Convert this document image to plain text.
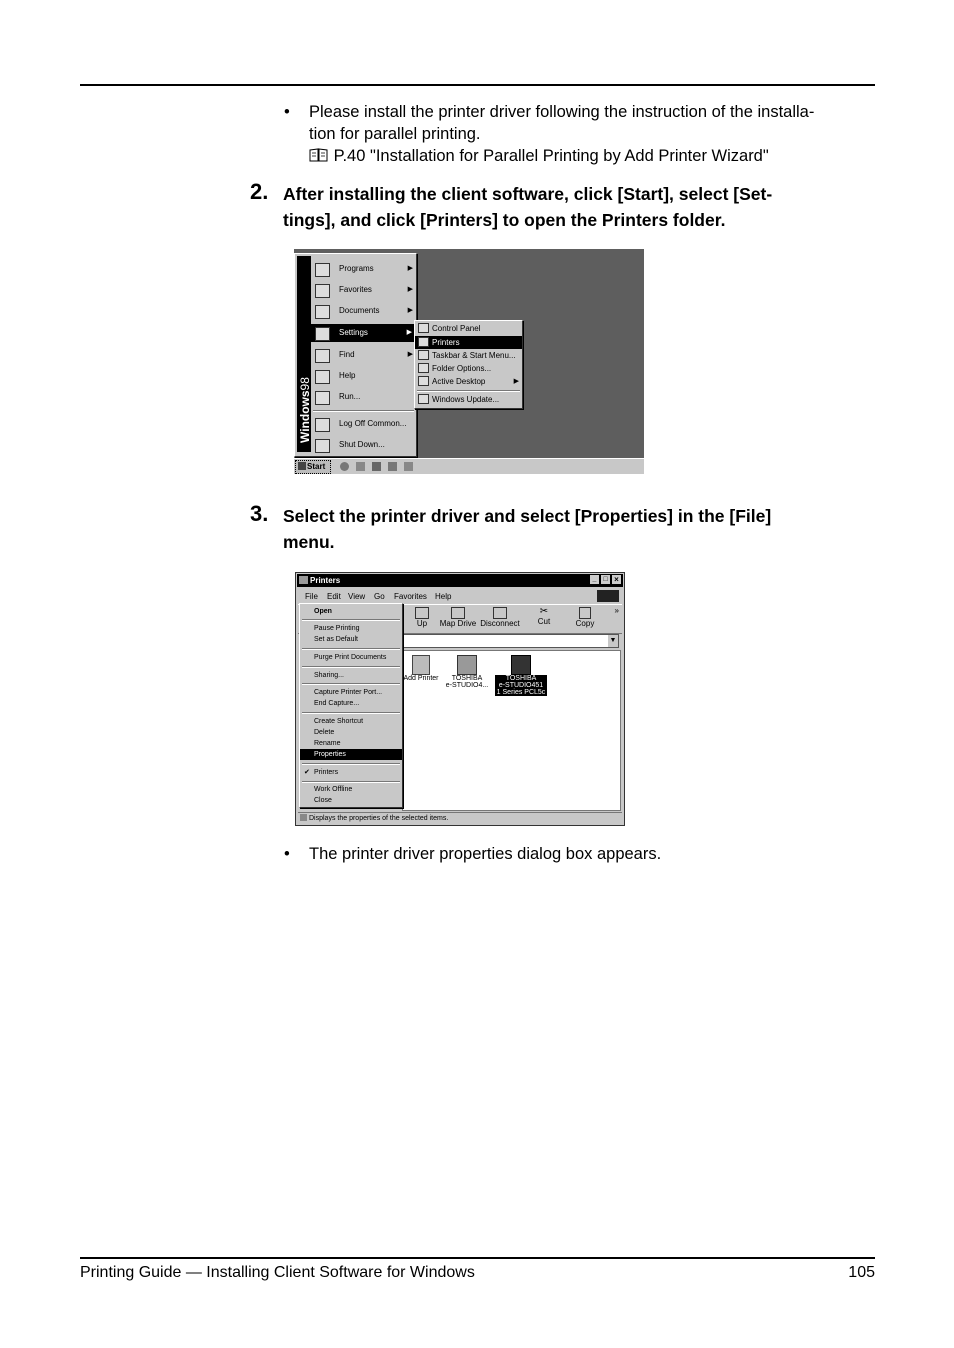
• Please install the printer driver following the instruction of the installa-
tion for parallel printing.
P.40 "Installation for Parallel Printing by Add Printer Wizard"
2. After installing the client software, click [Start], select [Set-
tings], and click [Printers] to open the Printers folder.
Windows98
Programs	▶
Favorites	▶
Documents	▶
Settings	▶
Find	▶
Help
Run...
Log Off Common...
Shut Down...
Control Panel
Printers
Taskbar & Start Menu...
Folder Options...
Active Desktop	▶
Windows Update...
Start
3. Select the printer driver and select [Properties] in the [File]
menu.
Printers	_ □ ×
File Edit View Go Favorites Help
Up	Map Drive Disconnect
✂
Cut	Copy
»
▼
Add Printer	TOSHIBA
e-STUDIO4...
TOSHIBA
e-STUDIO451
1 Series PCL5c
Open
Pause Printing
Set as Default
Purge Print Documents
Sharing...
Capture Printer Port...
End Capture...
Create Shortcut
Delete
Rename
Properties
✔ Printers
Work Offline
Close
Displays the properties of the selected items.
• The printer driver properties dialog box appears.
Printing Guide — Installing Client Software for Windows	105
